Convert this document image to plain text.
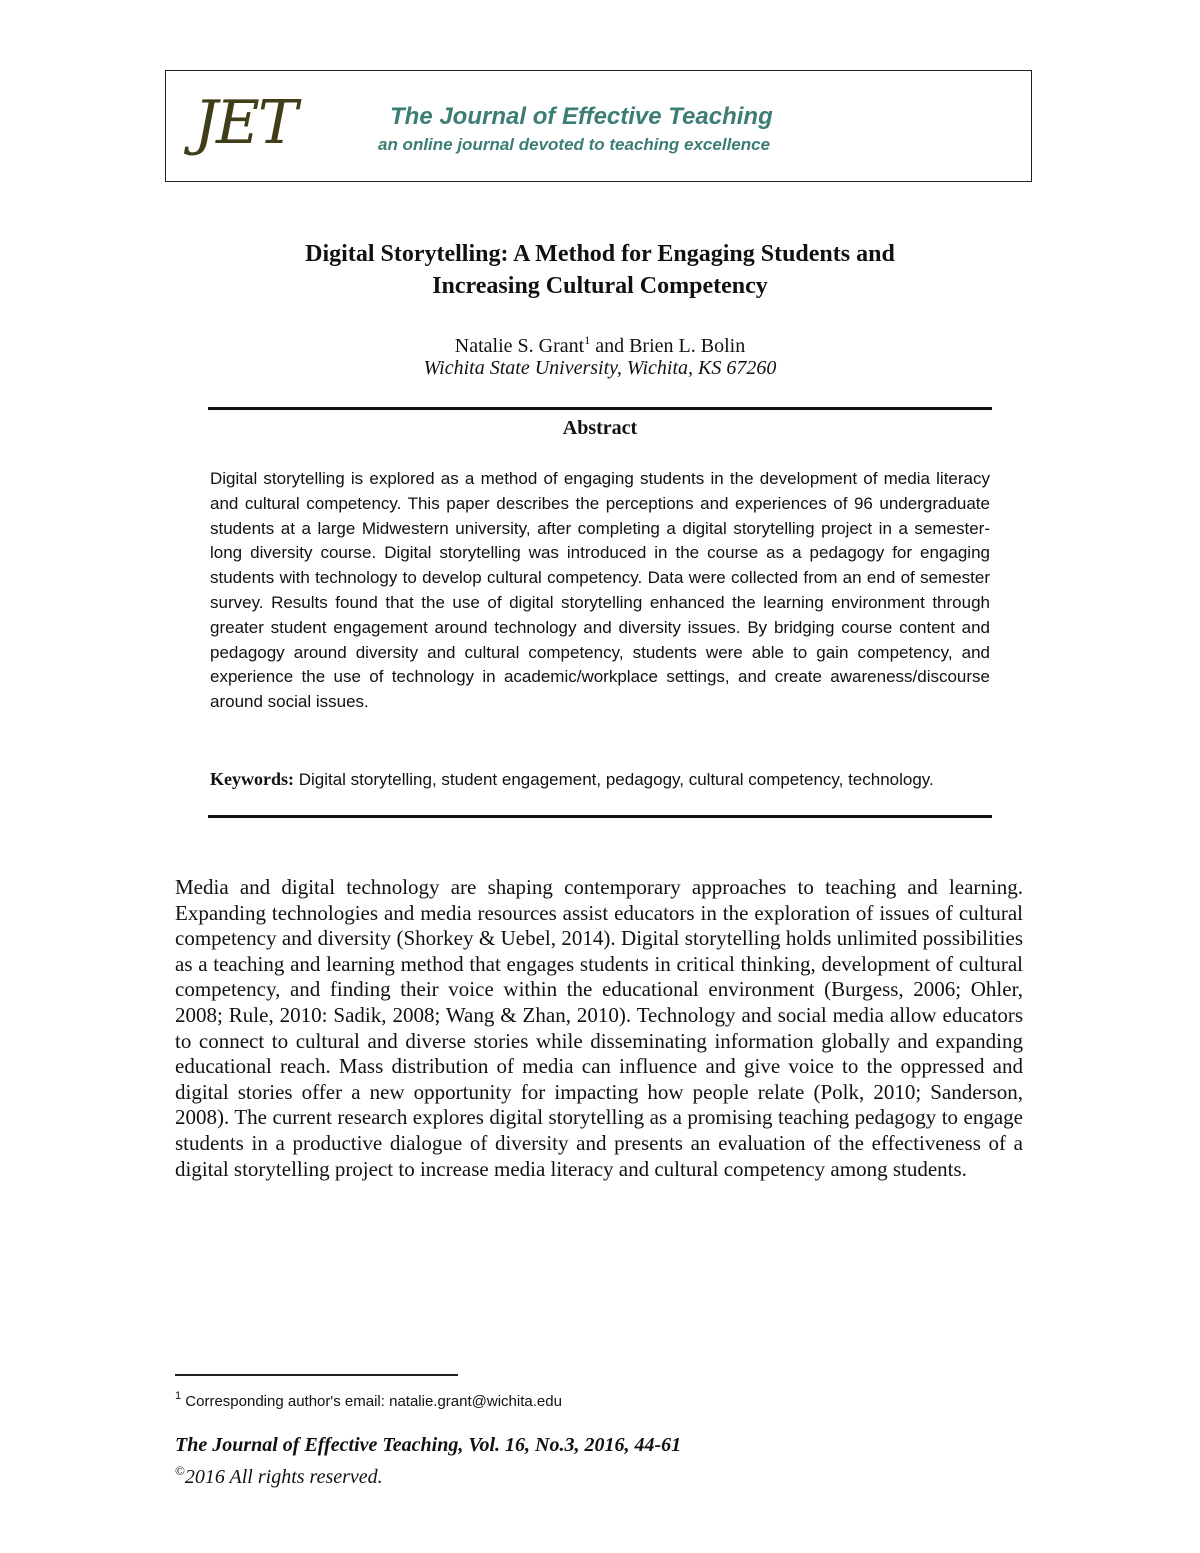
JET	The Journal of Effective Teaching
an online journal devoted to teaching excellence
Digital Storytelling: A Method for Engaging Students and
Increasing Cultural Competency
Natalie S. Grant$^1$ and Brien L. Bolin
Wichita State University, Wichita, KS 67260
Abstract

Digital storytelling is explored as a method of engaging students in the development of media literacy and cultural competency. This paper describes the perceptions and experiences of 96 undergraduate students at a large Midwestern university, after completing a digital storytelling project in a semester-long diversity course. Digital storytelling was introduced in the course as a pedagogy for engaging students with technology to develop cultural competency. Data were collected from an end of semester survey. Results found that the use of digital storytelling enhanced the learning environment through greater student engagement around technology and diversity issues. By bridging course content and pedagogy around diversity and cultural competency, students were able to gain competency, and experience the use of technology in academic/workplace settings, and create awareness/discourse around social issues.

Keywords: Digital storytelling, student engagement, pedagogy, cultural competency, technology.

Media and digital technology are shaping contemporary approaches to teaching and learning. Expanding technologies and media resources assist educators in the exploration of issues of cultural competency and diversity (Shorkey & Uebel, 2014). Digital storytelling holds unlimited possibilities as a teaching and learning method that engages students in critical thinking, development of cultural competency, and finding their voice within the educational environment (Burgess, 2006; Ohler, 2008; Rule, 2010: Sadik, 2008; Wang & Zhan, 2010). Technology and social media allow educators to connect to cultural and diverse stories while disseminating information globally and expanding educational reach. Mass distribution of media can influence and give voice to the oppressed and digital stories offer a new opportunity for impacting how people relate (Polk, 2010; Sanderson, 2008). The current research explores digital storytelling as a promising teaching pedagogy to engage students in a productive dialogue of diversity and presents an evaluation of the effectiveness of a digital storytelling project to increase media literacy and cultural competency among students.

$^1$ Corresponding author's email: natalie.grant@wichita.edu

The Journal of Effective Teaching, Vol. 16, No.3, 2016, 44-61
©2016 All rights reserved.
